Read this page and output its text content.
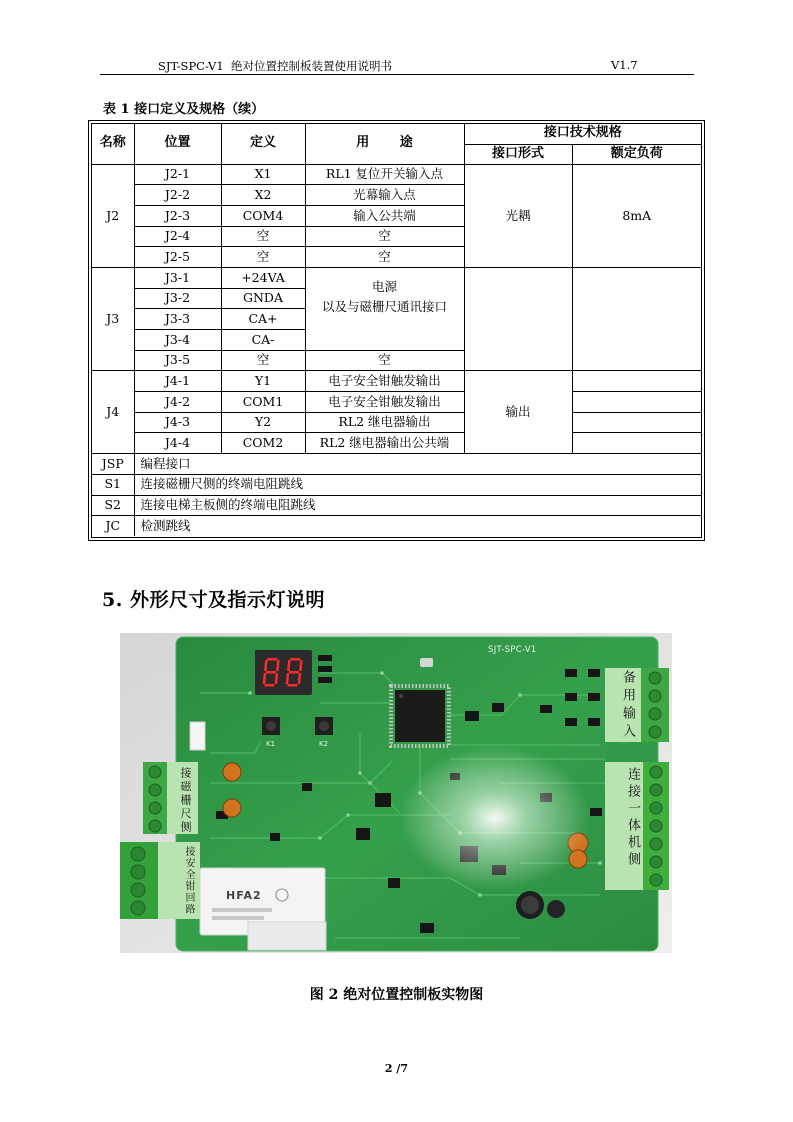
SJT-SPC-V1  绝对位置控制板装置使用说明书	V1.7
表 1 接口定义及规格（续）
名称	位置	定义	用 途	接口技术规格	
				接口形式	额定负荷
J2	J2-1	X1	RL1 复位开关输入点	光耦	8mA
	J2-2	X2	光幕输入点		
	J2-3	COM4	输入公共端		
	J2-4	空	空		
	J2-5	空	空		
J3	J3-1	+24VA	电源
以及与磁栅尺通讯接口		

	J3-2	GNDA			
	J3-3	CA+			
	J3-4	CA-			
	J3-5	空	空		
J4	J4-1	Y1	电子安全钳触发输出	输出	
	J4-2	COM1	电子安全钳触发输出		
	J4-3	Y2	RL2 继电器输出		
	J4-4	COM2	RL2 继电器输出公共端		
JSP	编程接口				
S1	连接磁栅尺侧的终端电阻跳线				
S2	连接电梯主板侧的终端电阻跳线				
JC	检测跳线				
5. 外形尺寸及指示灯说明
SJT-SPC-V1
K1	K2
HFA2
备用输入
连接一体机侧
接磁栅尺侧
接安全钳回路
图 2 绝对位置控制板实物图
2 /7
